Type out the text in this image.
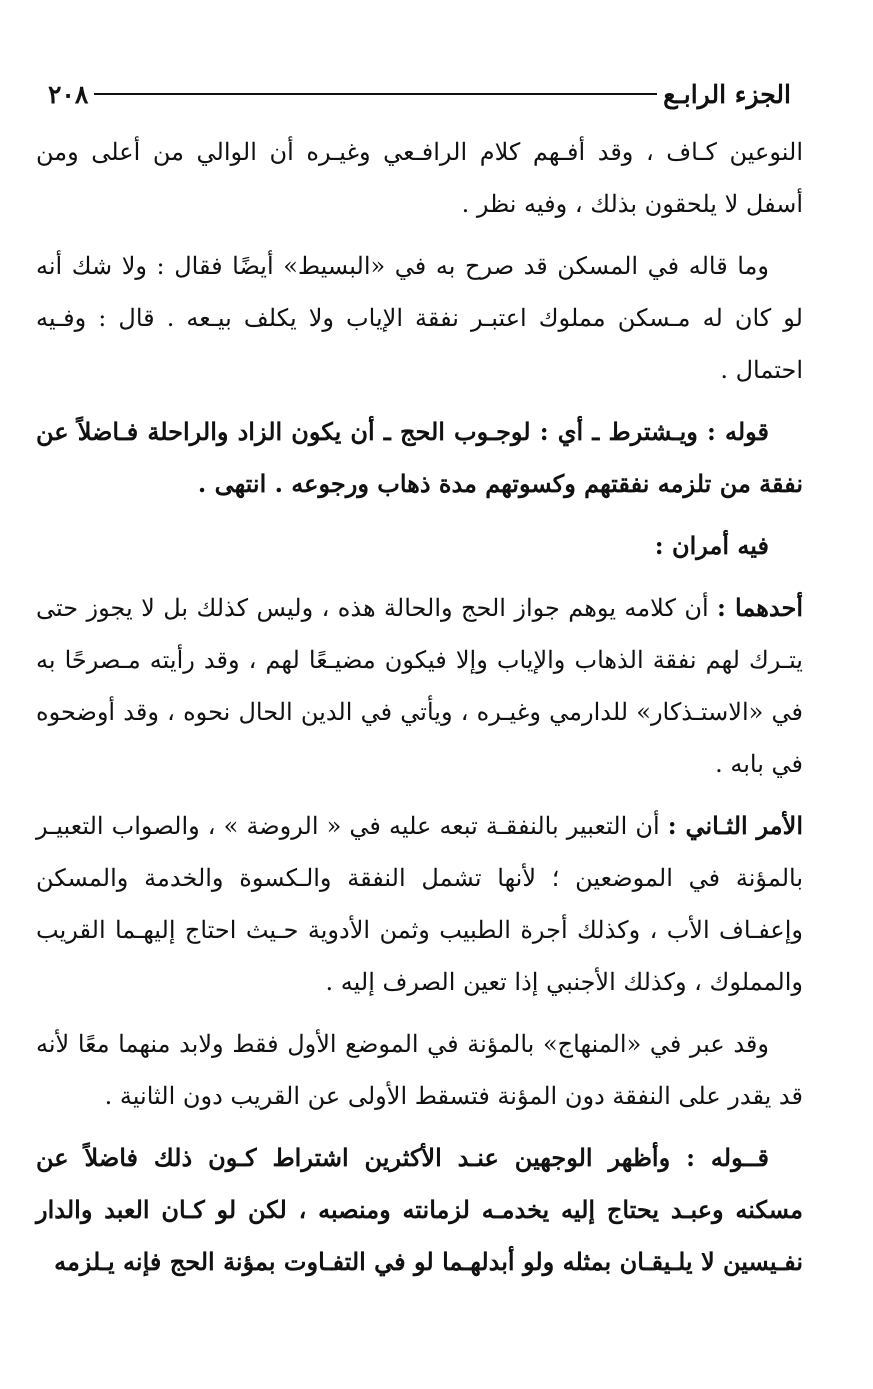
الجزء الرابـع
٢٠٨

النوعين كـاف ، وقد أفـهم كلام الرافـعي وغيـره أن الوالي من أعلى ومن أسفل لا يلحقون بذلك ، وفيه نظر .

وما قاله في المسكن قد صرح به في «البسيط» أيضًا فقال : ولا شك أنه لو كان له مـسكن مملوك اعتبـر نفقة الإياب ولا يكلف بيـعه . قال : وفـيه احتمال .

قوله : ويـشترط ـ أي : لوجـوب الحج ـ أن يكون الزاد والراحلة فـاضلاً عن نفقة من تلزمه نفقتهم وكسوتهم مدة ذهاب ورجوعه . انتهى .

فيه أمران :

أحدهما : أن كلامه يوهم جواز الحج والحالة هذه ، وليس كذلك بل لا يجوز حتى يتـرك لهم نفقة الذهاب والإياب وإلا فيكون مضيـعًا لهم ، وقد رأيته مـصرحًا به في «الاستـذكار» للدارمي وغيـره ، ويأتي في الدين الحال نحوه ، وقد أوضحوه في بابه .

الأمر الثـاني : أن التعبير بالنفقـة تبعه عليه في « الروضة » ، والصواب التعبيـر بالمؤنة في الموضعين ؛ لأنها تشمل النفقة والـكسوة والخدمة والمسكن وإعفـاف الأب ، وكذلك أجرة الطبيب وثمن الأدوية حـيث احتاج إليهـما القريب والمملوك ، وكذلك الأجنبي إذا تعين الصرف إليه .

وقد عبر في «المنهاج» بالمؤنة في الموضع الأول فقط ولابد منهما معًا لأنه قد يقدر على النفقة دون المؤنة فتسقط الأولى عن القريب دون الثانية .

قــوله : وأظهر الوجهين عنـد الأكثرين اشتراط كـون ذلك فاضلاً عن مسكنه وعبـد يحتاج إليه يخدمـه لزمانته ومنصبه ، لكن لو كـان العبد والدار نفـيسين لا يلـيقـان بمثله ولو أبدلهـما لو في التفـاوت بمؤنة الحج فإنه يـلزمه
